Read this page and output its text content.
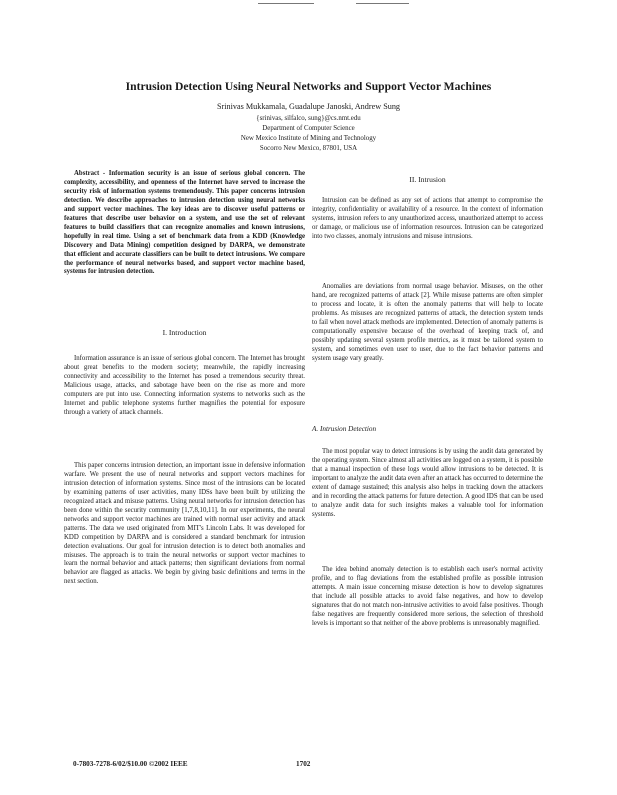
Intrusion Detection Using Neural Networks and Support Vector Machines
Srinivas Mukkamala, Guadalupe Janoski, Andrew Sung
{srinivas, silfalco, sung}@cs.nmt.edu
Department of Computer Science
New Mexico Institute of Mining and Technology
Socorro New Mexico, 87801, USA

Abstract - Information security is an issue of serious global concern. The complexity, accessibility, and openness of the Internet have served to increase the security risk of information systems tremendously. This paper concerns intrusion detection. We describe approaches to intrusion detection using neural networks and support vector machines. The key ideas are to discover useful patterns or features that describe user behavior on a system, and use the set of relevant features to build classifiers that can recognize anomalies and known intrusions, hopefully in real time. Using a set of benchmark data from a KDD (Knowledge Discovery and Data Mining) competition designed by DARPA, we demonstrate that efficient and accurate classifiers can be built to detect intrusions. We compare the performance of neural networks based, and support vector machine based, systems for intrusion detection.

I. Introduction

Information assurance is an issue of serious global concern. The Internet has brought about great benefits to the modern society; meanwhile, the rapidly increasing connectivity and accessibility to the Internet has posed a tremendous security threat. Malicious usage, attacks, and sabotage have been on the rise as more and more computers are put into use. Connecting information systems to networks such as the Internet and public telephone systems further magnifies the potential for exposure through a variety of attack channels.

This paper concerns intrusion detection, an important issue in defensive information warfare. We present the use of neural networks and support vectors machines for intrusion detection of information systems. Since most of the intrusions can be located by examining patterns of user activities, many IDSs have been built by utilizing the recognized attack and misuse patterns. Using neural networks for intrusion detection has been done within the security community [1,7,8,10,11]. In our experiments, the neural networks and support vector machines are trained with normal user activity and attack patterns. The data we used originated from MIT's Lincoln Labs. It was developed for KDD competition by DARPA and is considered a standard benchmark for intrusion detection evaluations. Our goal for intrusion detection is to detect both anomalies and misuses. The approach is to train the neural networks or support vector machines to learn the normal behavior and attack patterns; then significant deviations from normal behavior are flagged as attacks. We begin by giving basic definitions and terms in the next section.

II. Intrusion

Intrusion can be defined as any set of actions that attempt to compromise the integrity, confidentiality or availability of a resource. In the context of information systems, intrusion refers to any unauthorized access, unauthorized attempt to access or damage, or malicious use of information resources. Intrusion can be categorized into two classes, anomaly intrusions and misuse intrusions.

Anomalies are deviations from normal usage behavior. Misuses, on the other hand, are recognized patterns of attack [2]. While misuse patterns are often simpler to process and locate, it is often the anomaly patterns that will help to locate problems. As misuses are recognized patterns of attack, the detection system tends to fail when novel attack methods are implemented. Detection of anomaly patterns is computationally expensive because of the overhead of keeping track of, and possibly updating several system profile metrics, as it must be tailored system to system, and sometimes even user to user, due to the fact behavior patterns and system usage vary greatly.

A. Intrusion Detection

The most popular way to detect intrusions is by using the audit data generated by the operating system. Since almost all activities are logged on a system, it is possible that a manual inspection of these logs would allow intrusions to be detected. It is important to analyze the audit data even after an attack has occurred to determine the extent of damage sustained; this analysis also helps in tracking down the attackers and in recording the attack patterns for future detection. A good IDS that can be used to analyze audit data for such insights makes a valuable tool for information systems.

The idea behind anomaly detection is to establish each user's normal activity profile, and to flag deviations from the established profile as possible intrusion attempts. A main issue concerning misuse detection is how to develop signatures that include all possible attacks to avoid false negatives, and how to develop signatures that do not match non-intrusive activities to avoid false positives. Though false negatives are frequently considered more serious, the selection of threshold levels is important so that neither of the above problems is unreasonably magnified.

0-7803-7278-6/02/$10.00 ©2002 IEEE	1702
